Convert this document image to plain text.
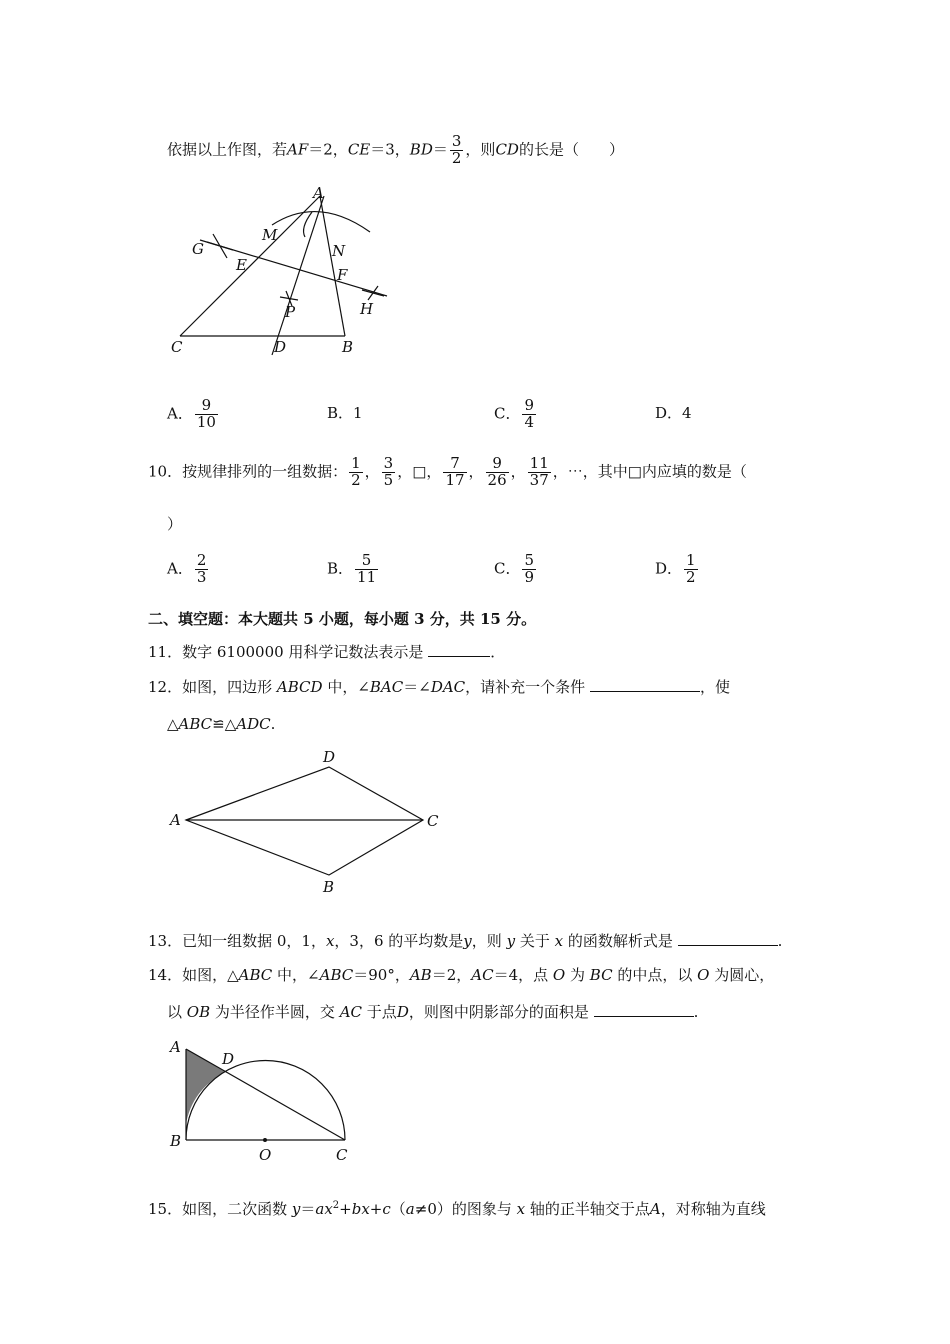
依据以上作图，若AF＝2，CE＝3，$BD= \frac{3}{2}$ ，则CD的长是（　　）
A
M
N
G
E
F
P	H
C	D	B
A． $\frac{9}{10}$	B．1	C． $\frac{9}{4}$	D．4
10．按规律排列的一组数据： $\frac{1}{2}$ ， $\frac{3}{5}$ ，□， $\frac{7}{17}$ ， $\frac{9}{26}$ ， $\frac{11}{37}$ ，⋯，其中□内应填的数是（
）
A． $\frac{2}{3}$	B． $\frac{5}{11}$	C． $\frac{5}{9}$	D． $\frac{1}{2}$
二、填空题：本大题共 5 小题，每小题 3 分，共 15 分。
11．数字 6100000 用科学记数法表示是	．
12．如图，四边形 ABCD 中，∠BAC＝∠DAC，请补充一个条件	，使
△ABC≌△ADC.
A
D
C
B
13．已知一组数据 0，1，x，3，6 的平均数是y，则 y 关于 x 的函数解析式是	.
14．如图，△ABC 中，∠ABC＝90°，AB＝2，AC＝4，点 O 为 BC 的中点，以 O 为圆心，
以 OB 为半径作半圆，交 AC 于点D，则图中阴影部分的面积是	.
A
D
B
O	C
15．如图，二次函数 $y=ax^2+bx+c(a\ne 0)$的图象与 x 轴的正半轴交于点A，对称轴为直线
